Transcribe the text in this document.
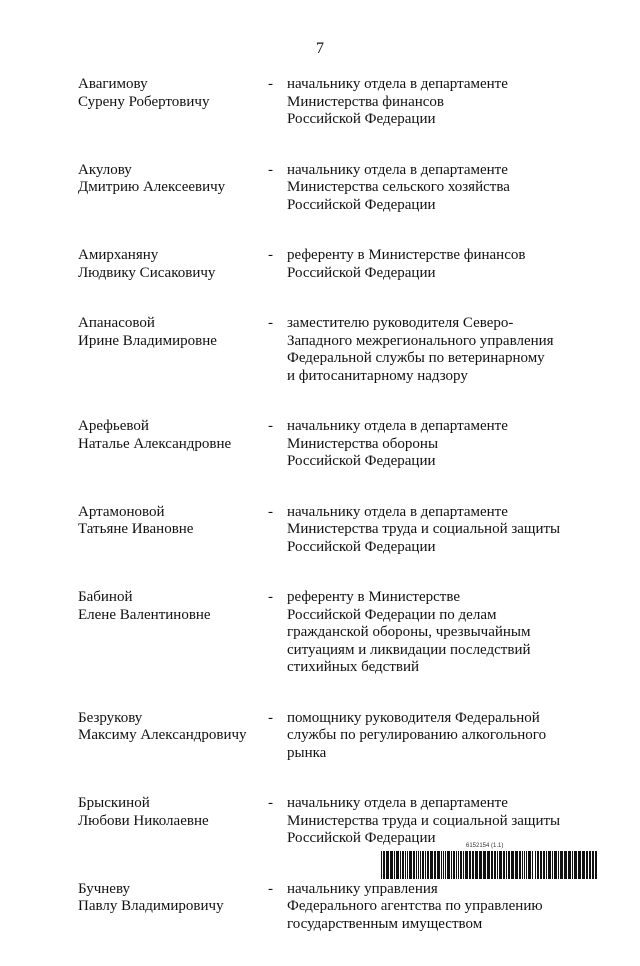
7
Авагимову
Сурену Робертовичу
- начальнику отдела в департаменте
Министерства финансов
Российской Федерации
Акулову
Дмитрию Алексеевичу
- начальнику отдела в департаменте
Министерства сельского хозяйства
Российской Федерации
Амирханяну
Людвику Сисаковичу
- референту в Министерстве финансов
Российской Федерации
Апанасовой
Ирине Владимировне
- заместителю руководителя Северо-
Западного межрегионального управления
Федеральной службы по ветеринарному
и фитосанитарному надзору
Арефьевой
Наталье Александровне
- начальнику отдела в департаменте
Министерства обороны
Российской Федерации
Артамоновой
Татьяне Ивановне
- начальнику отдела в департаменте
Министерства труда и социальной защиты
Российской Федерации
Бабиной
Елене Валентиновне
- референту в Министерстве
Российской Федерации по делам
гражданской обороны, чрезвычайным
ситуациям и ликвидации последствий
стихийных бедствий
Безрукову
Максиму Александровичу
- помощнику руководителя Федеральной
службы по регулированию алкогольного
рынка
Брыскиной
Любови Николаевне
- начальнику отдела в департаменте
Министерства труда и социальной защиты
Российской Федерации
Бучневу
Павлу Владимировичу
- начальнику управления
Федерального агентства по управлению
государственным имуществом
6152154 (1.1)
